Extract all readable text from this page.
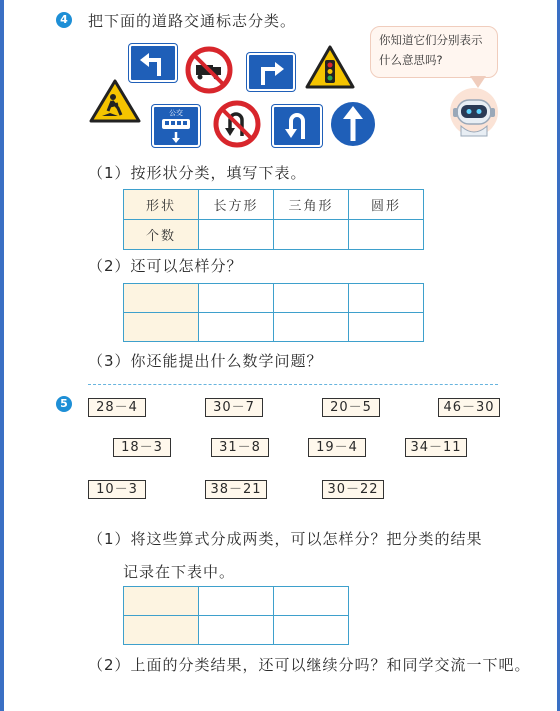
4 把下面的道路交通标志分类。
公交
你知道它们分别表示什么意思吗?
（1）按形状分类，填写下表。
形状	长方形	三角形	圆形
个数			
（2）还可以怎样分？

（3）你还能提出什么数学问题？
5	28－4	30－7	20－5	46－30
18－3	31－8	19－4	34－11
10－3	38－21	30－22
（1）将这些算式分成两类，可以怎样分？把分类的结果
记录在下表中。

（2）上面的分类结果，还可以继续分吗？和同学交流一下吧。
